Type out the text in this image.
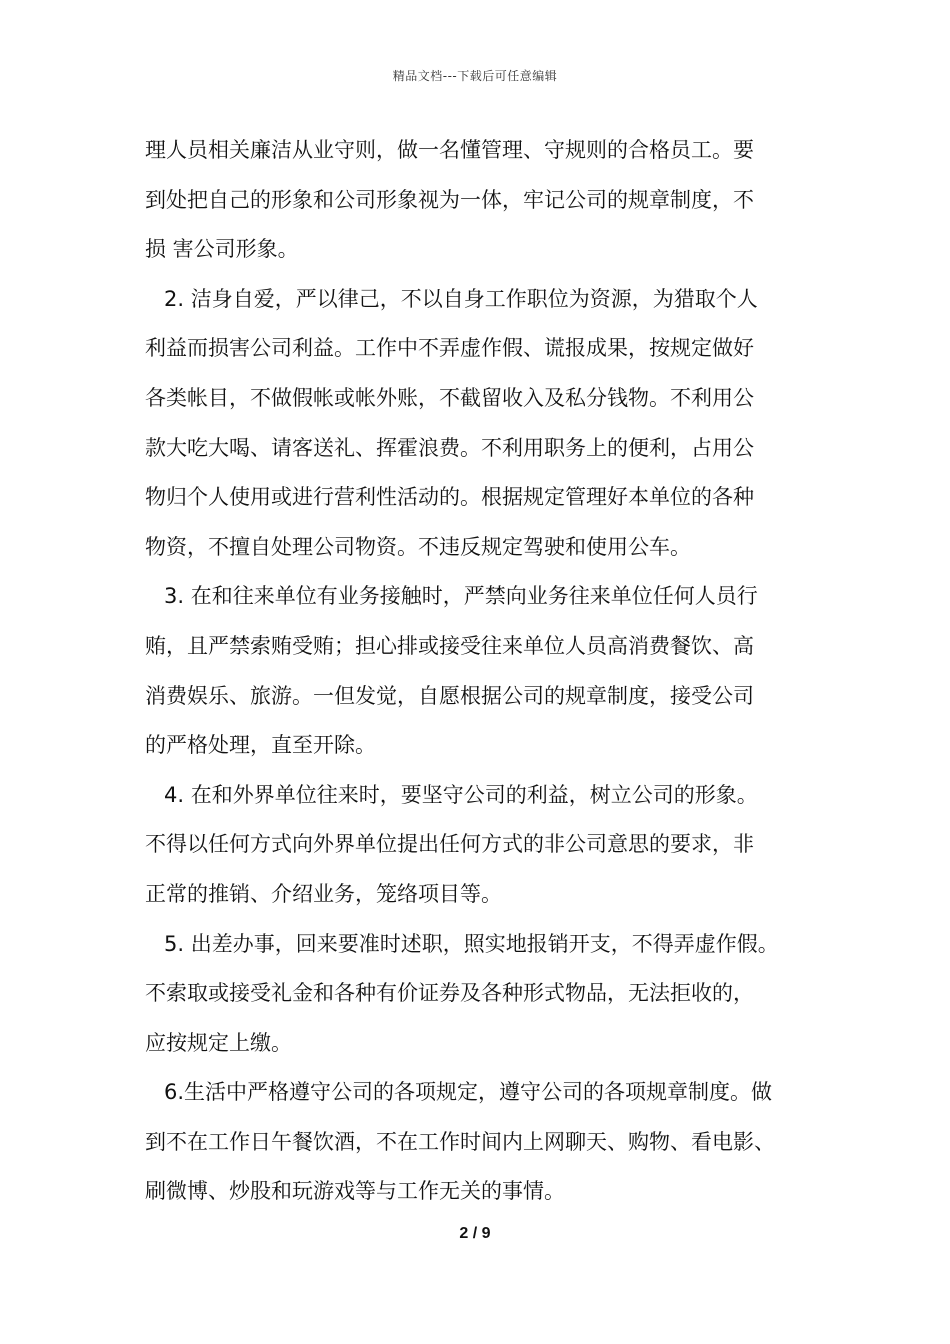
精品文档---下载后可任意编辑
理人员相关廉洁从业守则，做一名懂管理、守规则的合格员工。要
到处把自己的形象和公司形象视为一体，牢记公司的规章制度，不
损 害公司形象。
2. 洁身自爱，严以律己，不以自身工作职位为资源，为猎取个人
利益而损害公司利益。工作中不弄虚作假、谎报成果，按规定做好
各类帐目，不做假帐或帐外账，不截留收入及私分钱物。不利用公
款大吃大喝、请客送礼、挥霍浪费。不利用职务上的便利，占用公
物归个人使用或进行营利性活动的。根据规定管理好本单位的各种
物资，不擅自处理公司物资。不违反规定驾驶和使用公车。
3. 在和往来单位有业务接触时，严禁向业务往来单位任何人员行
贿，且严禁索贿受贿；担心排或接受往来单位人员高消费餐饮、高
消费娱乐、旅游。一但发觉，自愿根据公司的规章制度，接受公司
的严格处理，直至开除。
4. 在和外界单位往来时，要坚守公司的利益，树立公司的形象。
不得以任何方式向外界单位提出任何方式的非公司意思的要求，非
正常的推销、介绍业务，笼络项目等。
5. 出差办事，回来要准时述职，照实地报销开支，不得弄虚作假。
不索取或接受礼金和各种有价证券及各种形式物品，无法拒收的，
应按规定上缴。
6.生活中严格遵守公司的各项规定，遵守公司的各项规章制度。做
到不在工作日午餐饮酒，不在工作时间内上网聊天、购物、看电影、
刷微博、炒股和玩游戏等与工作无关的事情。
2 / 9
